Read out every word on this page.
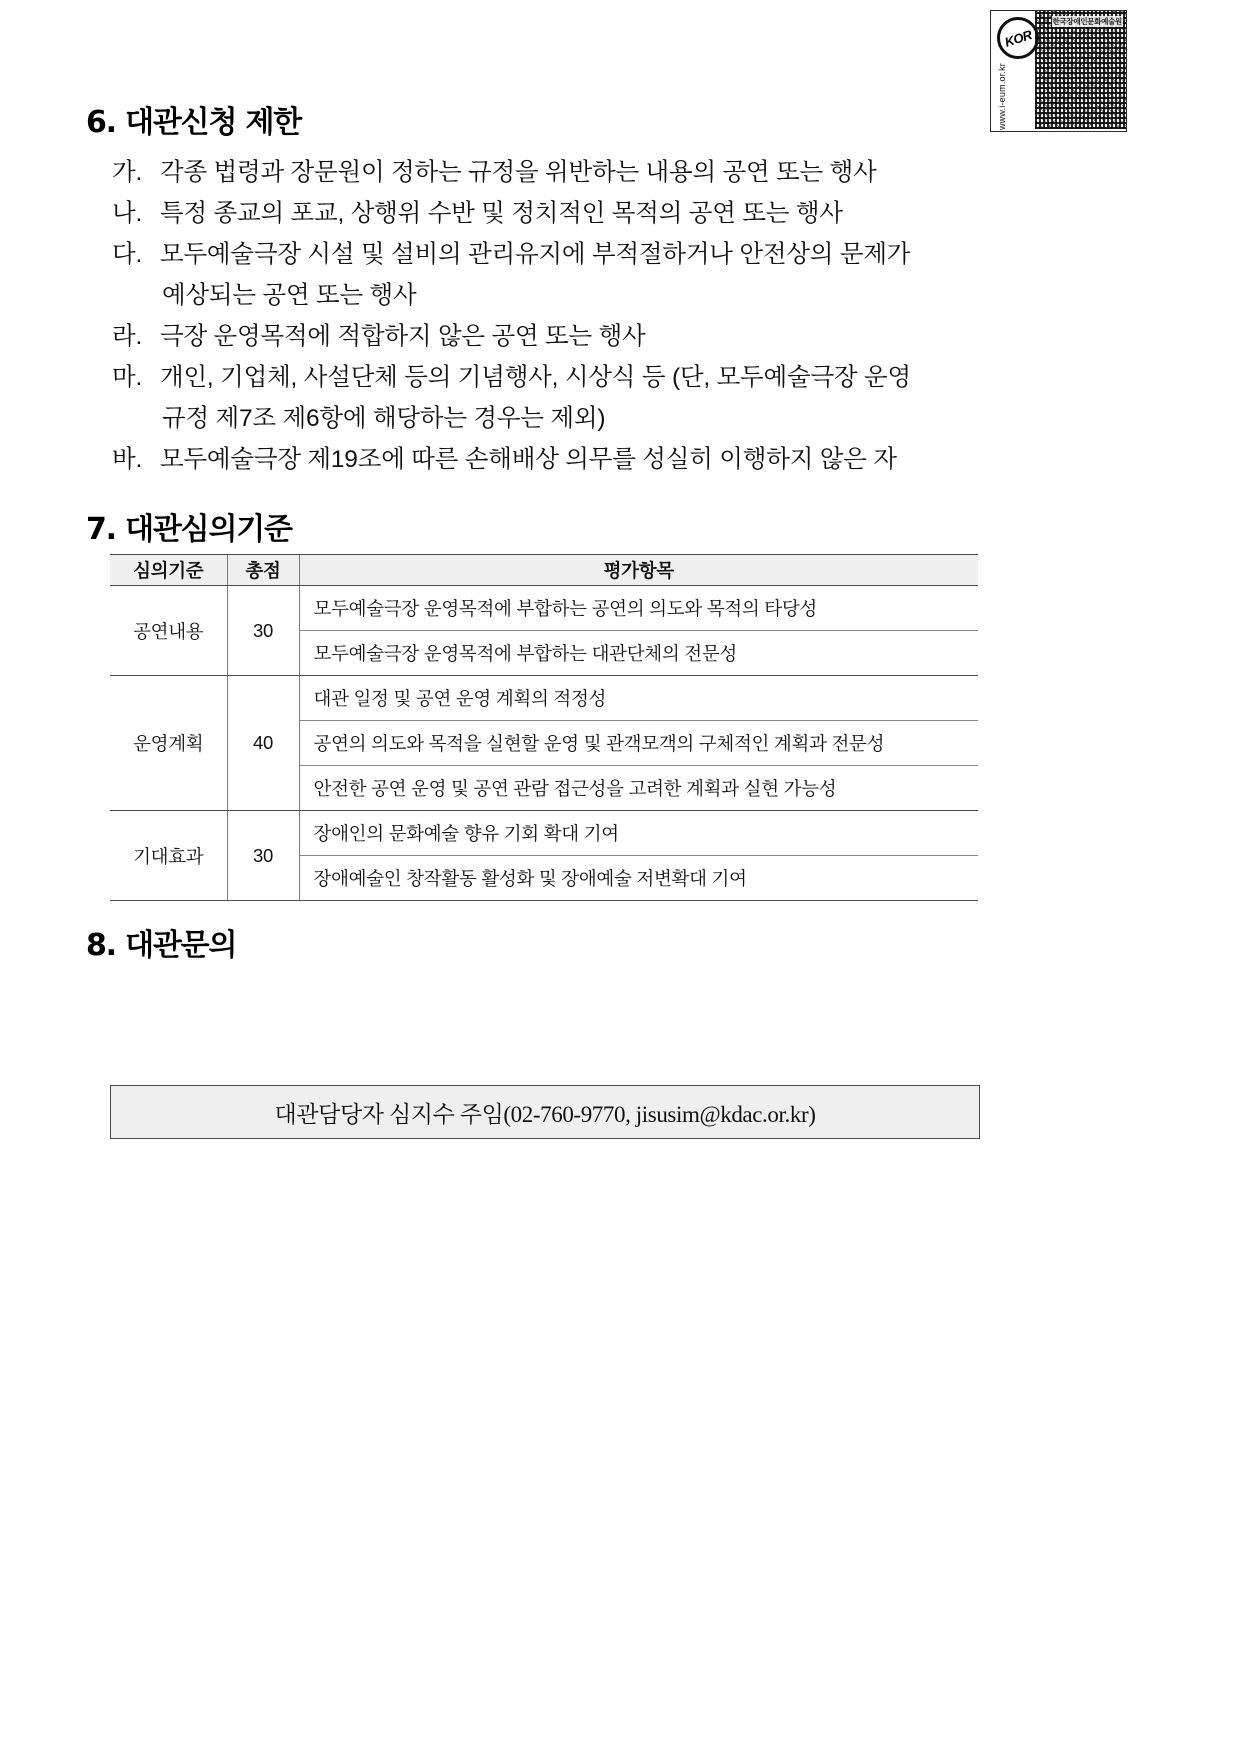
KOR
한국장애인문화예술원
www.i-eum.or.kr
6. 대관신청 제한
가. 각종 법령과 장문원이 정하는 규정을 위반하는 내용의 공연 또는 행사
나. 특정 종교의 포교, 상행위 수반 및 정치적인 목적의 공연 또는 행사
다. 모두예술극장 시설 및 설비의 관리유지에 부적절하거나 안전상의 문제가
예상되는 공연 또는 행사
라. 극장 운영목적에 적합하지 않은 공연 또는 행사
마. 개인, 기업체, 사설단체 등의 기념행사, 시상식 등 (단, 모두예술극장 운영
규정 제7조 제6항에 해당하는 경우는 제외)
바. 모두예술극장 제19조에 따른 손해배상 의무를 성실히 이행하지 않은 자
7. 대관심의기준
심의기준	총점	평가항목
공연내용	30	모두예술극장 운영목적에 부합하는 공연의 의도와 목적의 타당성
		모두예술극장 운영목적에 부합하는 대관단체의 전문성
운영계획	40	대관 일정 및 공연 운영 계획의 적정성
		공연의 의도와 목적을 실현할 운영 및 관객모객의 구체적인 계획과 전문성
		안전한 공연 운영 및 공연 관람 접근성을 고려한 계획과 실현 가능성
기대효과	30	장애인의 문화예술 향유 기회 확대 기여
		장애예술인 창작활동 활성화 및 장애예술 저변확대 기여
8. 대관문의
대관담당자 심지수 주임(02-760-9770, jisusim@kdac.or.kr)
